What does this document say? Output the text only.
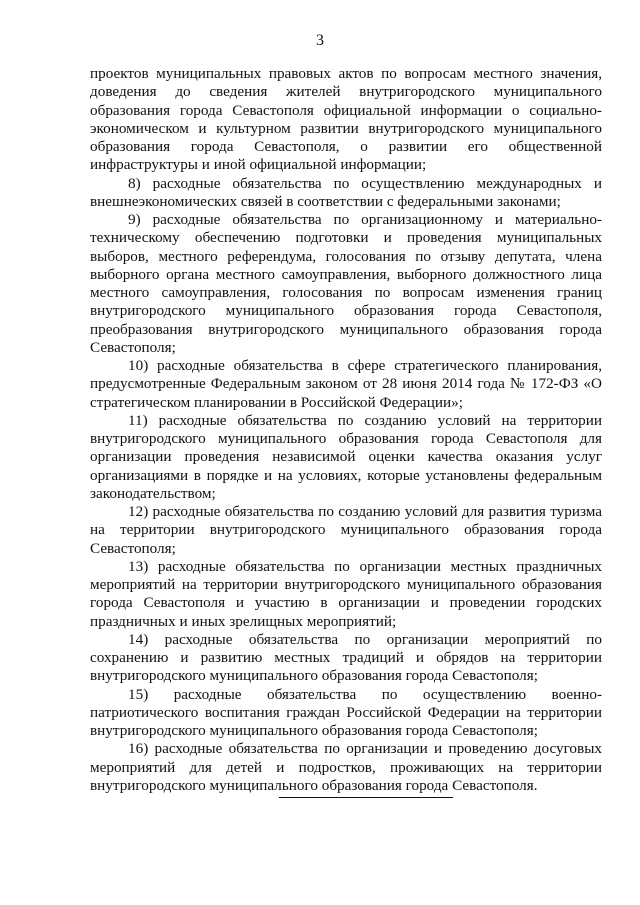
3

проектов муниципальных правовых актов по вопросам местного значения, доведения до сведения жителей внутригородского муниципального образования города Севастополя официальной информации о социально-экономическом и культурном развитии внутригородского муниципального образования города Севастополя, о развитии его общественной инфраструктуры и иной официальной информации;

8) расходные обязательства по осуществлению международных и внешнеэкономических связей в соответствии с федеральными законами;

9) расходные обязательства по организационному и материально-техническому обеспечению подготовки и проведения муниципальных выборов, местного референдума, голосования по отзыву депутата, члена выборного органа местного самоуправления, выборного должностного лица местного самоуправления, голосования по вопросам изменения границ внутригородского муниципального образования города Севастополя, преобразования внутригородского муниципального образования города Севастополя;

10) расходные обязательства в сфере стратегического планирования, предусмотренные Федеральным законом от 28 июня 2014 года № 172-ФЗ «О стратегическом планировании в Российской Федерации»;

11) расходные обязательства по созданию условий на территории внутригородского муниципального образования города Севастополя для организации проведения независимой оценки качества оказания услуг организациями в порядке и на условиях, которые установлены федеральным законодательством;

12) расходные обязательства по созданию условий для развития туризма на территории внутригородского муниципального образования города Севастополя;

13) расходные обязательства по организации местных праздничных мероприятий на территории внутригородского муниципального образования города Севастополя и участию в организации и проведении городских праздничных и иных зрелищных мероприятий;

14) расходные обязательства по организации мероприятий по сохранению и развитию местных традиций и обрядов на территории внутригородского муниципального образования города Севастополя;

15) расходные обязательства по осуществлению военно-патриотического воспитания граждан Российской Федерации на территории внутригородского муниципального образования города Севастополя;

16) расходные обязательства по организации и проведению досуговых мероприятий для детей и подростков, проживающих на территории внутригородского муниципального образования города Севастополя.
